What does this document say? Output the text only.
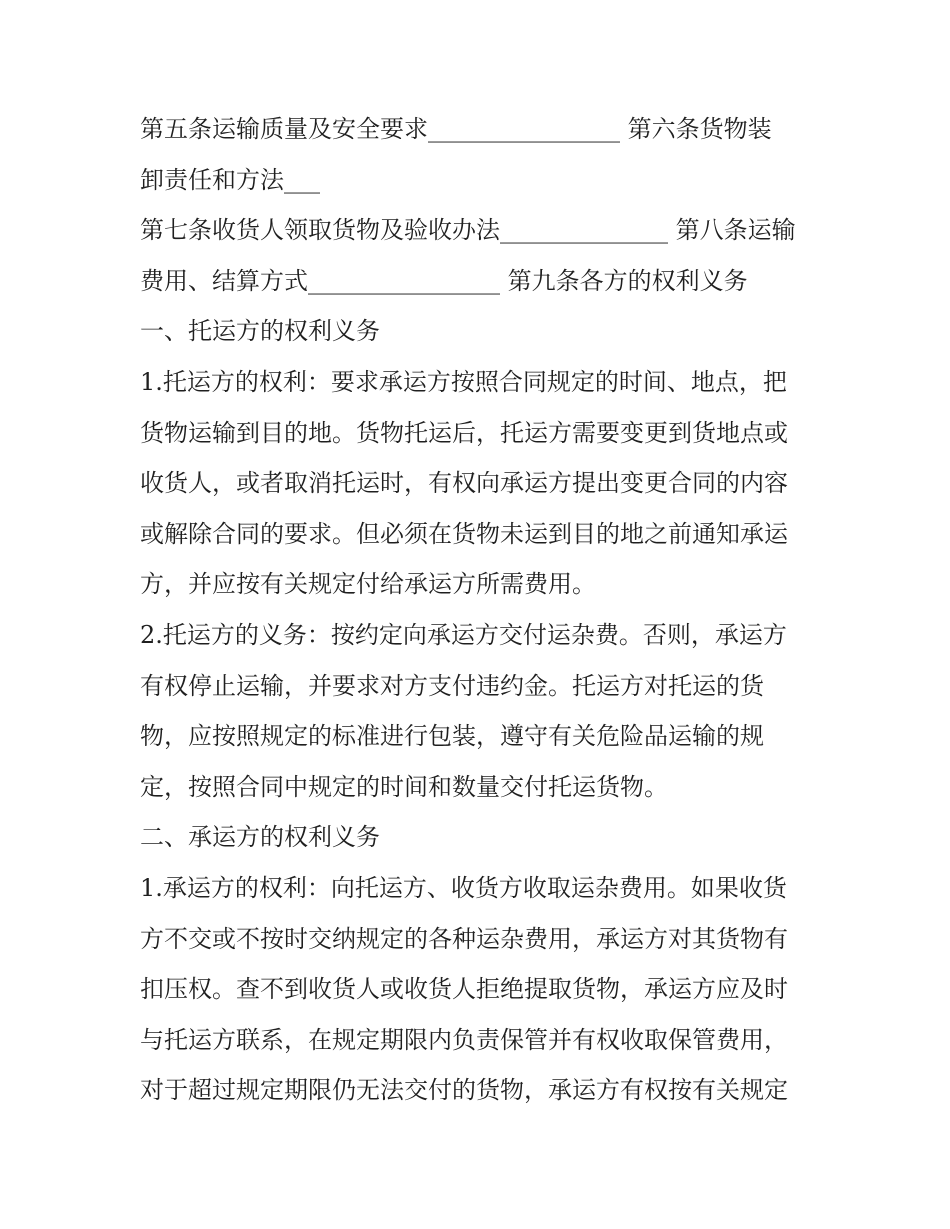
第五条运输质量及安全要求________________ 第六条货物装
卸责任和方法___
第七条收货人领取货物及验收办法______________ 第八条运输
费用、结算方式________________ 第九条各方的权利义务
一、托运方的权利义务
1.托运方的权利：要求承运方按照合同规定的时间、地点，把
货物运输到目的地。货物托运后，托运方需要变更到货地点或
收货人，或者取消托运时，有权向承运方提出变更合同的内容
或解除合同的要求。但必须在货物未运到目的地之前通知承运
方，并应按有关规定付给承运方所需费用。
2.托运方的义务：按约定向承运方交付运杂费。否则，承运方
有权停止运输，并要求对方支付违约金。托运方对托运的货
物，应按照规定的标准进行包装，遵守有关危险品运输的规
定，按照合同中规定的时间和数量交付托运货物。
二、承运方的权利义务
1.承运方的权利：向托运方、收货方收取运杂费用。如果收货
方不交或不按时交纳规定的各种运杂费用，承运方对其货物有
扣压权。查不到收货人或收货人拒绝提取货物，承运方应及时
与托运方联系，在规定期限内负责保管并有权收取保管费用，
对于超过规定期限仍无法交付的货物，承运方有权按有关规定
